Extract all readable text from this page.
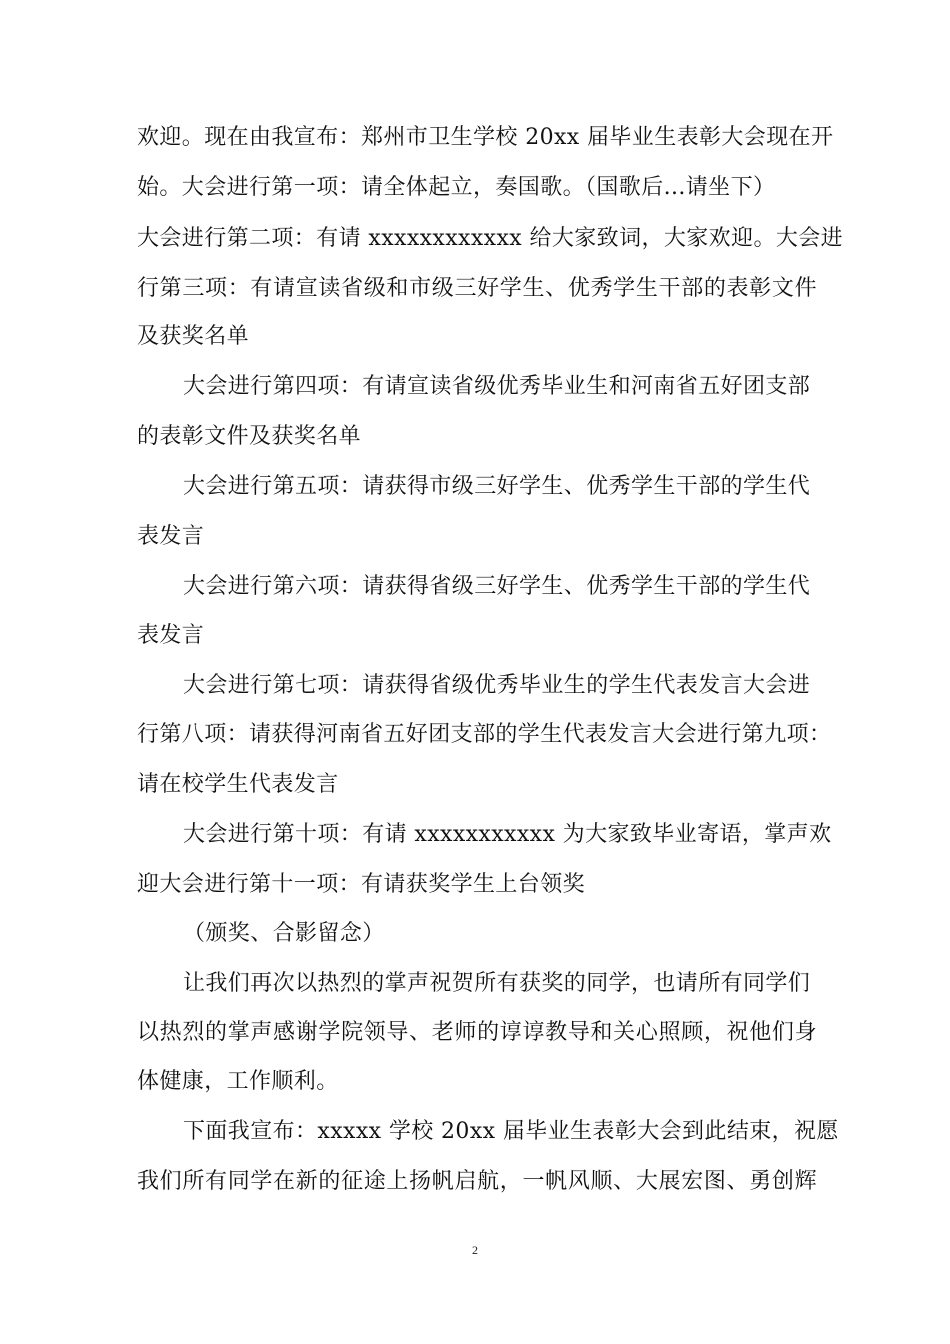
欢迎。现在由我宣布：郑州市卫生学校 20xx 届毕业生表彰大会现在开

始。大会进行第一项：请全体起立，奏国歌。（国歌后...请坐下）

大会进行第二项：有请 xxxxxxxxxxxx 给大家致词，大家欢迎。大会进

行第三项：有请宣读省级和市级三好学生、优秀学生干部的表彰文件

及获奖名单

大会进行第四项：有请宣读省级优秀毕业生和河南省五好团支部

的表彰文件及获奖名单

大会进行第五项：请获得市级三好学生、优秀学生干部的学生代

表发言

大会进行第六项：请获得省级三好学生、优秀学生干部的学生代

表发言

大会进行第七项：请获得省级优秀毕业生的学生代表发言大会进

行第八项：请获得河南省五好团支部的学生代表发言大会进行第九项：

请在校学生代表发言

大会进行第十项：有请 xxxxxxxxxxx 为大家致毕业寄语，掌声欢

迎大会进行第十一项：有请获奖学生上台领奖

（颁奖、合影留念）

让我们再次以热烈的掌声祝贺所有获奖的同学，也请所有同学们

以热烈的掌声感谢学院领导、老师的谆谆教导和关心照顾，祝他们身

体健康，工作顺利。

下面我宣布：xxxxx 学校 20xx 届毕业生表彰大会到此结束，祝愿

我们所有同学在新的征途上扬帆启航，一帆风顺、大展宏图、勇创辉

2
